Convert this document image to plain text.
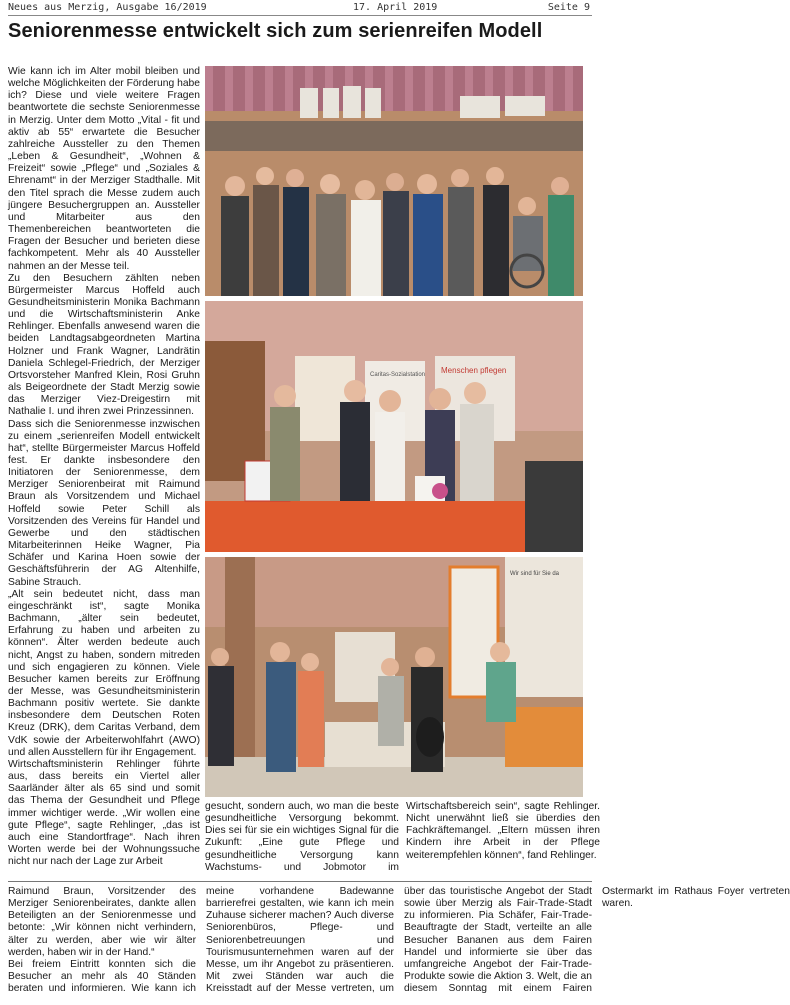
Neues aus Merzig, Ausgabe 16/2019	17. April 2019	Seite 9
Seniorenmesse entwickelt sich zum serienreifen Modell

Wie kann ich im Alter mobil bleiben und welche Möglichkeiten der Förderung habe ich? Diese und viele weitere Fragen beantwortete die sechste Seniorenmesse in Merzig. Unter dem Motto „Vital - fit und aktiv ab 55“ erwartete die Besucher zahlreiche Aussteller zu den Themen „Leben & Gesundheit“, „Wohnen & Freizeit“ sowie „Pflege“ und „Soziales & Ehrenamt“ in der Merziger Stadthalle. Mit den Titel sprach die Messe zudem auch jüngere Besuchergruppen an. Aussteller und Mitarbeiter aus den Themenbereichen beantworteten die Fragen der Besucher und berieten diese fachkompetent. Mehr als 40 Aussteller nahmen an der Messe teil.

Zu den Besuchern zählten neben Bürgermeister Marcus Hoffeld auch Gesundheitsministerin Monika Bachmann und die Wirtschaftsministerin Anke Rehlinger. Ebenfalls anwesend waren die beiden Landtagsabgeordneten Martina Holzner und Frank Wagner, Landrätin Daniela Schlegel-Friedrich, der Merziger Ortsvorsteher Manfred Klein, Rosi Gruhn als Beigeordnete der Stadt Merzig sowie das Merziger Viez-Dreigestirn mit Nathalie I. und ihren zwei Prinzessinnen.

Dass sich die Seniorenmesse inzwischen zu einem „serienreifen Modell entwickelt hat“, stellte Bürgermeister Marcus Hoffeld fest. Er dankte insbesondere den Initiatoren der Seniorenmesse, dem Merziger Seniorenbeirat mit Raimund Braun als Vorsitzendem und Michael Hoffeld sowie Peter Schill als Vorsitzenden des Vereins für Handel und Gewerbe und den städtischen Mitarbeiterinnen Heike Wagner, Pia Schäfer und Karina Hoen sowie der Geschäftsführerin der AG Altenhilfe, Sabine Strauch.

„Alt sein bedeutet nicht, dass man eingeschränkt ist“, sagte Monika Bachmann, „älter sein bedeutet, Erfahrung zu haben und arbeiten zu können“. Älter werden bedeute auch nicht, Angst zu haben, sondern mitreden und sich engagieren zu können. Viele Besucher kamen bereits zur Eröffnung der Messe, was Gesundheitsministerin Bachmann positiv wertete. Sie dankte insbesondere dem Deutschen Roten Kreuz (DRK), dem Caritas Verband, dem VdK sowie der Arbeiterwohlfahrt (AWO) und allen Ausstellern für ihr Engagement.

Wirtschaftsministerin Rehlinger führte aus, dass bereits ein Viertel aller Saarländer älter als 65 sind und somit das Thema der Gesundheit und Pflege immer wichtiger werde. „Wir wollen eine gute Pflege“, sagte Rehlinger, „das ist auch eine Standortfrage“. Nach ihren Worten werde bei der Wohnungssuche nicht nur nach der Lage zur Arbeit

Menschen pflegen
Caritas-Sozialstation
Wir sind für Sie da

gesucht, sondern auch, wo man die beste gesundheitliche Versorgung bekommt. Dies sei für sie ein wichtiges Signal für die Zukunft: „Eine gute Pflege und gesundheitliche Versorgung kann Wachstums- und Jobmotor im Wirtschaftsbereich sein“, sagte Rehlinger. Nicht unerwähnt ließ sie überdies den Fachkräftemangel. „Eltern müssen ihren Kindern ihre Arbeit in der Pflege weiterempfehlen können“, fand Rehlinger.

Raimund Braun, Vorsitzender des Merziger Seniorenbeirates, dankte allen Beteiligten an der Seniorenmesse und betonte: „Wir können nicht verhindern, älter zu werden, aber wie wir älter werden, haben wir in der Hand.“

Bei freiem Eintritt konnten sich die Besucher an mehr als 40 Ständen beraten und informieren. Wie kann ich meine vorhandene Badewanne barrierefrei gestalten, wie kann ich mein Zuhause sicherer machen? Auch diverse Seniorenbüros, Pflege- und Seniorenbetreuungen und Tourismusunternehmen waren auf der Messe, um ihr Angebot zu präsentieren. Mit zwei Ständen war auch die Kreisstadt auf der Messe vertreten, um über das touristische Angebot der Stadt sowie über Merzig als Fair-Trade-Stadt zu informieren. Pia Schäfer, Fair-Trade-Beauftragte der Stadt, verteilte an alle Besucher Bananen aus dem Fairen Handel und informierte sie über das umfangreiche Angebot der Fair-Trade-Produkte sowie die Aktion 3. Welt, die an diesem Sonntag mit einem Fairen Ostermarkt im Rathaus Foyer vertreten waren.
